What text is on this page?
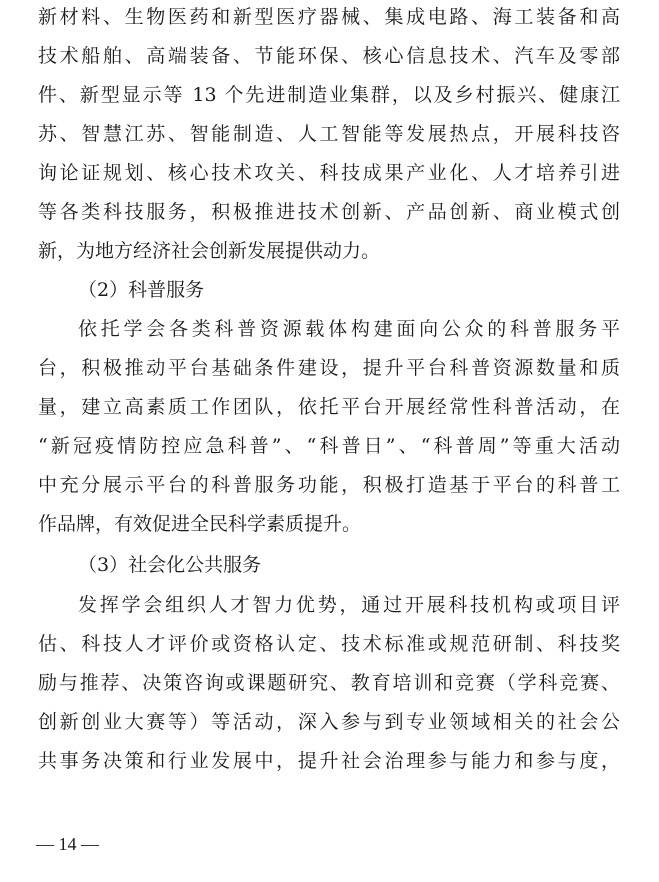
新材料、生物医药和新型医疗器械、集成电路、海工装备和高
技术船舶、高端装备、节能环保、核心信息技术、汽车及零部
件、新型显示等 13 个先进制造业集群，以及乡村振兴、健康江
苏、智慧江苏、智能制造、人工智能等发展热点，开展科技咨
询论证规划、核心技术攻关、科技成果产业化、人才培养引进
等各类科技服务，积极推进技术创新、产品创新、商业模式创
新，为地方经济社会创新发展提供动力。
（2）科普服务
依托学会各类科普资源载体构建面向公众的科普服务平
台，积极推动平台基础条件建设，提升平台科普资源数量和质
量，建立高素质工作团队，依托平台开展经常性科普活动，在
“新冠疫情防控应急科普”、“科普日”、“科普周”等重大活动
中充分展示平台的科普服务功能，积极打造基于平台的科普工
作品牌，有效促进全民科学素质提升。
（3）社会化公共服务
发挥学会组织人才智力优势，通过开展科技机构或项目评
估、科技人才评价或资格认定、技术标准或规范研制、科技奖
励与推荐、决策咨询或课题研究、教育培训和竞赛（学科竞赛、
创新创业大赛等）等活动，深入参与到专业领域相关的社会公
共事务决策和行业发展中，提升社会治理参与能力和参与度，
— 14 —
